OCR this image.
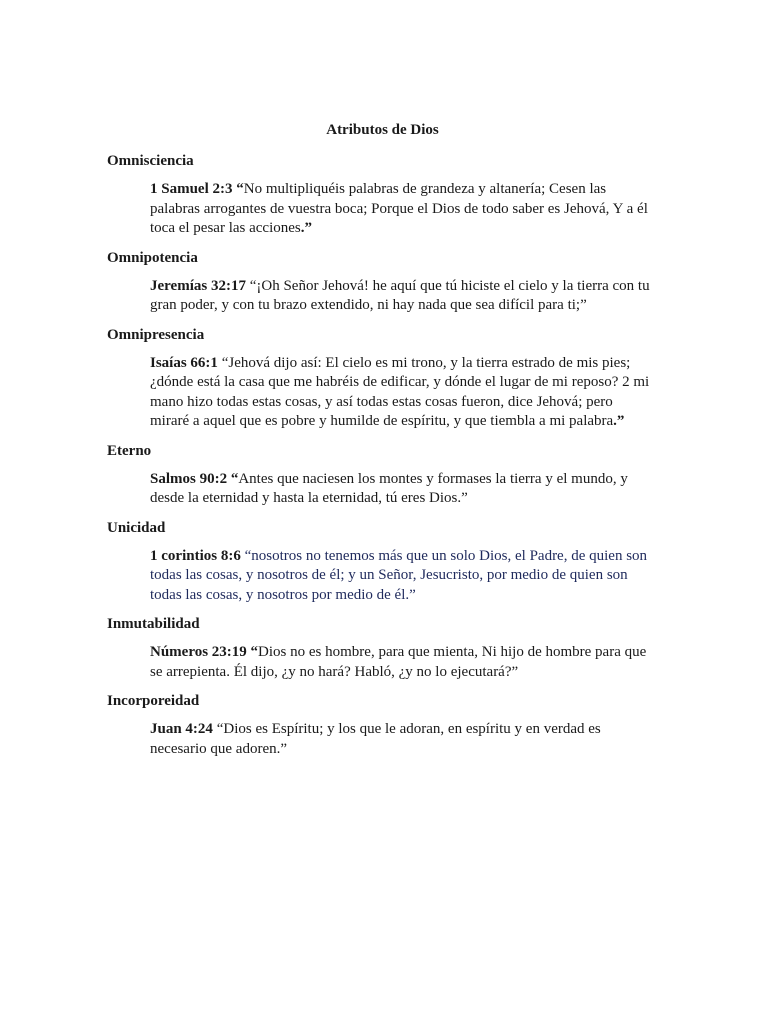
Atributos de Dios
Omnisciencia
1 Samuel 2:3 “No multipliquéis palabras de grandeza y altanería; Cesen las palabras arrogantes de vuestra boca; Porque el Dios de todo saber es Jehová, Y a él toca el pesar las acciones.”
Omnipotencia
Jeremías 32:17 “¡Oh Señor Jehová! he aquí que tú hiciste el cielo y la tierra con tu gran poder, y con tu brazo extendido, ni hay nada que sea difícil para ti;”
Omnipresencia
Isaías 66:1 “Jehová dijo así: El cielo es mi trono, y la tierra estrado de mis pies; ¿dónde está la casa que me habréis de edificar, y dónde el lugar de mi reposo? 2 mi mano hizo todas estas cosas, y así todas estas cosas fueron, dice Jehová; pero miraré a aquel que es pobre y humilde de espíritu, y que tiembla a mi palabra.”
Eterno
Salmos 90:2 “Antes que naciesen los montes y formases la tierra y el mundo, y desde la eternidad y hasta la eternidad, tú eres Dios.”
Unicidad
1 corintios 8:6 “nosotros no tenemos más que un solo Dios, el Padre, de quien son todas las cosas, y nosotros de él; y un Señor, Jesucristo, por medio de quien son todas las cosas, y nosotros por medio de él.”
Inmutabilidad
Números 23:19 “Dios no es hombre, para que mienta, Ni hijo de hombre para que se arrepienta. Él dijo, ¿y no hará? Habló, ¿y no lo ejecutará?”
Incorporeidad
Juan 4:24 “Dios es Espíritu; y los que le adoran, en espíritu y en verdad es necesario que adoren.”
